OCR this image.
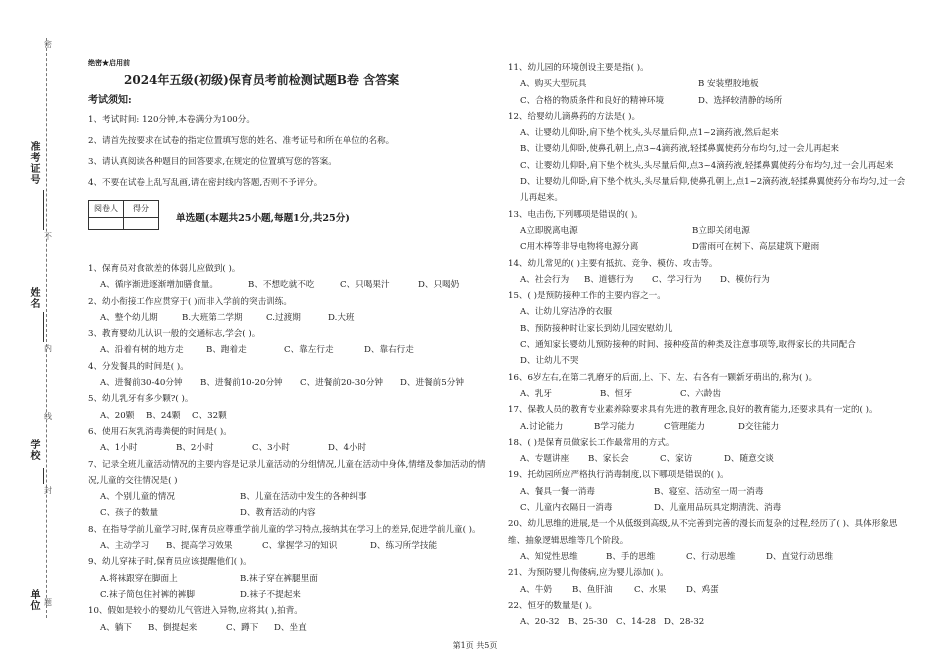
密
准考证号
不
姓名
内
线
学校
封
单位 题
绝密★启用前
2024年五级(初级)保育员考前检测试题B卷 含答案
考试须知:

1、考试时间: 120分钟,本卷满分为100分。

2、请首先按要求在试卷的指定位置填写您的姓名、准考证号和所在单位的名称。

3、请认真阅读各种题目的回答要求,在规定的位置填写您的答案。

4、不要在试卷上乱写乱画,请在密封线内答题,否则不予评分。

阅卷人	得分

单选题(本题共25小题,每题1分,共25分)

1、保育员对食欲差的体弱儿应做到( )。

A、循序渐进逐渐增加膳食量。	B、不想吃就不吃	C、只喝果汁	D、只喝奶

2、幼小衔接工作应贯穿于( )而非入学前的突击训练。

A、整个幼儿期	B.大班第二学期	C.过渡期	D.大班

3、教育婴幼儿认识一般的交通标志,学会( )。

A、沿着有树的地方走	B、跑着走	C、靠左行走	D、靠右行走

4、分发餐具的时间是( )。

A、进餐前30-40分钟	B、进餐前10-20分钟	C、进餐前20-30分钟	D、进餐前5分钟

5、幼儿乳牙有多少颗?( )。

A、20颗	B、24颗	C、32颗

6、使用石灰乳消毒粪便的时间是( )。

A、1小时	B、2小时	C、3小时	D、4小时

7、记录全班儿童活动情况的主要内容是记录儿童活动的分组情况,儿童在活动中身体,情绪及参加活动的情况,儿童的交往情况是( )

A、个别儿童的情况	B、儿童在活动中发生的各种纠事

C、孩子的数量	D、教育活动的内容

8、在指导学前儿童学习时,保育员应尊重学前儿童的学习特点,接纳其在学习上的差异,促进学前儿童( )。

A、主动学习	B、提高学习效果	C、掌握学习的知识	D、练习所学技能

9、幼儿穿袜子时,保育员应该提醒他们( )。

A.将袜跟穿在脚面上	B.袜子穿在裤腿里面

C.袜子简包住衬裤的裤脚	D.袜子不提起来

10、假如是较小的婴幼儿气管进入异物,应将其( ),拍背。

A、躺下	B、倒提起来	C、蹲下	D、坐直

11、幼儿园的环境创设主要是指( )。

A、购买大型玩具	B 安装塑胶地板

C、合格的物质条件和良好的精神环境	D、选择较清静的场所

12、给婴幼儿滴鼻药的方法是( )。

A、让婴幼儿仰卧,肩下垫个枕头,头尽量后仰,点1~2滴药液,然后起来

B、让婴幼儿仰卧,使鼻孔朝上,点3~4滴药液,轻揉鼻翼使药分布均匀,过一会儿再起来

C、让婴幼儿仰卧,肩下垫个枕头,头尽量后仰,点3~4滴药液,轻揉鼻翼使药分布均匀,过一会儿再起来

D、让婴幼儿仰卧,肩下垫个枕头,头尽量后仰,使鼻孔朝上,点1~2滴药液,轻揉鼻翼使药分布均匀,过一会儿再起来。

13、电击伤,下列哪项是错误的( )。

A立即脱离电源	B立即关闭电源

C用木棒等非导电物将电源分离	D雷雨可在树下、高层建筑下避雨

14、幼儿常见的( )主要有抵抗、竞争、模仿、攻击等。

A、社会行为	B、道德行为	C、学习行为	D、模仿行为

15、( )是预防接种工作的主要内容之一。

A、让幼儿穿洁净的衣服

B、预防接种时让家长到幼儿园安慰幼儿

C、通知家长婴幼儿预防接种的时间、接种疫苗的种类及注意事项等,取得家长的共同配合

D、让幼儿不哭

16、6岁左右,在第二乳磨牙的后面,上、下、左、右各有一颗新牙萌出的,称为( )。

A、乳牙	B、恒牙	C、六龄齿

17、保教人员的教育专业素养除要求具有先进的教育理念,良好的教育能力,还要求具有一定的( )。

A.讨论能力	B学习能力	C管理能力	D交往能力

18、( )是保育员做家长工作最常用的方式。

A、专题讲座	B、家长会	C、家访	D、随意交谈

19、托幼园所应严格执行消毒制度,以下哪项是错误的( )。

A、餐具一餐一消毒	B、寝室、活动室一周一消毒

C、儿童内衣隔日一消毒	D、儿童用品玩具定期清洗、消毒

20、幼儿思维的进展,是一个从低级到高级,从不完善到完善的漫长而复杂的过程,经历了( )、具体形象思维、抽象逻辑思维等几个阶段。

A、知觉性思维	B、手的思维	C、行动思维	D、直觉行动思维

21、为预防婴儿佝偻病,应为婴儿添加( )。

A、牛奶	B、鱼肝油	C、水果	D、鸡蛋

22、恒牙的数量是( )。

A、20-32 B、25-30 C、14-28 D、28-32

第1页 共5页
